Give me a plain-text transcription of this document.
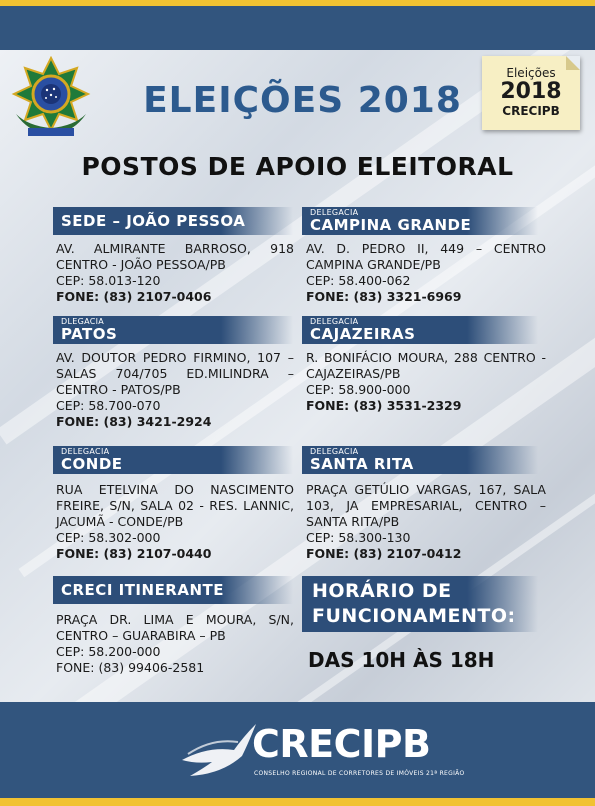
ELEIÇÕES 2018
Eleições
2018
CRECIPB
POSTOS DE APOIO ELEITORAL
SEDE – JOÃO PESSOA
AV. ALMIRANTE BARROSO, 918 CENTRO - JOÃO PESSOA/PB
CEP: 58.013-120
FONE: (83) 2107-0406
DELEGACIA
CAMPINA GRANDE
AV. D. PEDRO II, 449 – CENTRO CAMPINA GRANDE/PB
CEP: 58.400-062
FONE: (83) 3321-6969
DLEGACIA
PATOS
AV. DOUTOR PEDRO FIRMINO, 107 – SALAS 704/705 ED.MILINDRA – CENTRO - PATOS/PB
CEP: 58.700-070
FONE: (83) 3421-2924
DELEGACIA
CAJAZEIRAS
R. BONIFÁCIO MOURA, 288 CENTRO - CAJAZEIRAS/PB
CEP: 58.900-000
FONE: (83) 3531-2329
DELEGACIA
CONDE
RUA ETELVINA DO NASCIMENTO FREIRE, S/N, SALA 02 - RES. LANNIC, JACUMÃ - CONDE/PB
CEP: 58.302-000
FONE: (83) 2107-0440
DELEGACIA
SANTA RITA
PRAÇA GETÚLIO VARGAS, 167, SALA 103, JA EMPRESARIAL, CENTRO – SANTA RITA/PB
CEP: 58.300-130
FONE: (83) 2107-0412
CRECI ITINERANTE
PRAÇA DR. LIMA E MOURA, S/N, CENTRO – GUARABIRA – PB
CEP: 58.200-000
FONE: (83) 99406-2581
HORÁRIO DE FUNCIONAMENTO:
DAS 10H ÀS 18H
CRECIPB
CONSELHO REGIONAL DE CORRETORES DE IMÓVEIS 21ª REGIÃO
